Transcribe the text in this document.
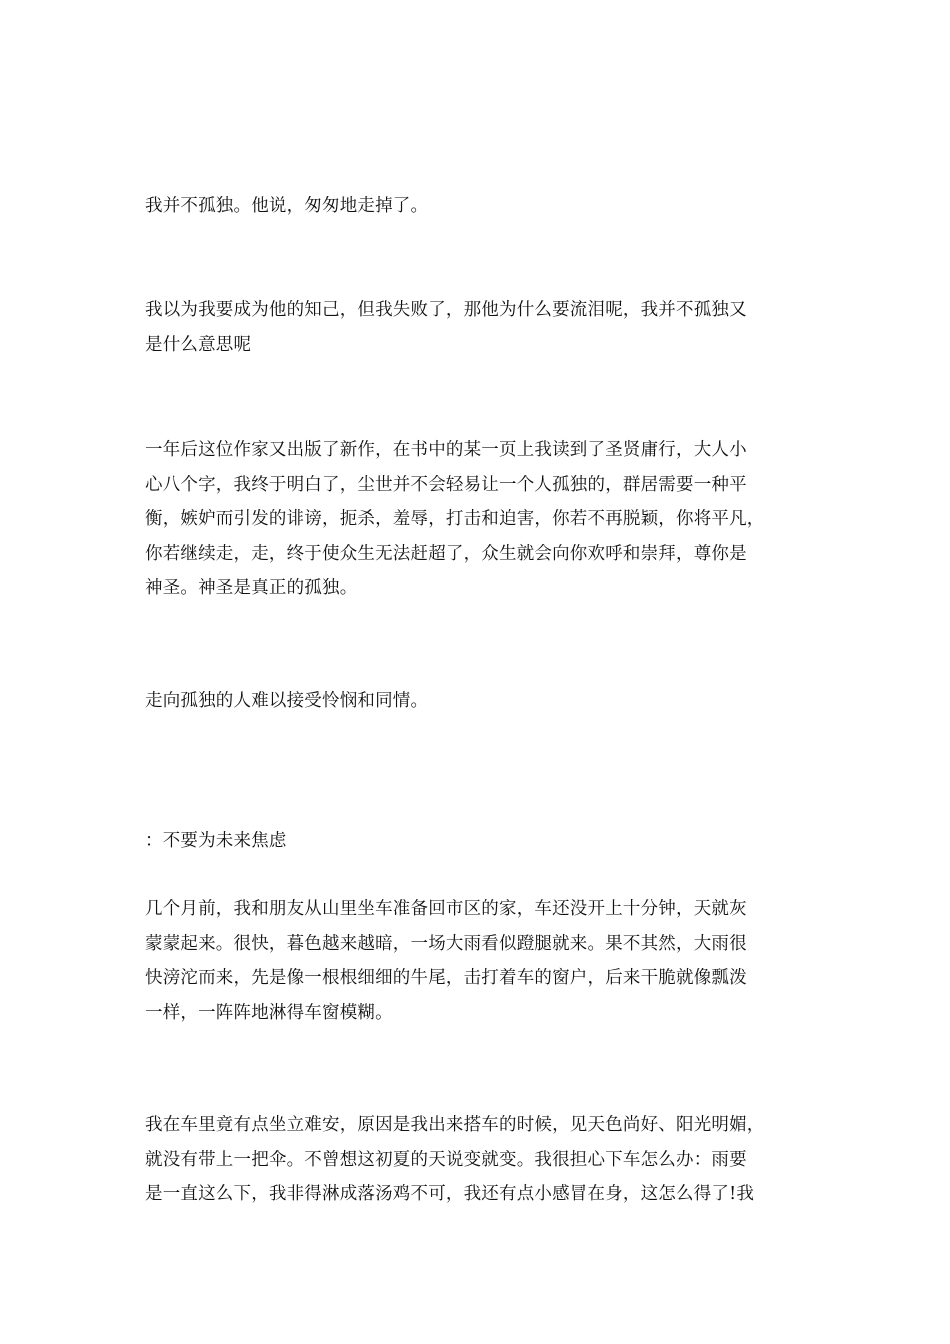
我并不孤独。他说，匆匆地走掉了。

我以为我要成为他的知己，但我失败了，那他为什么要流泪呢，我并不孤独又
是什么意思呢

一年后这位作家又出版了新作，在书中的某一页上我读到了圣贤庸行，大人小
心八个字，我终于明白了，尘世并不会轻易让一个人孤独的，群居需要一种平
衡，嫉妒而引发的诽谤，扼杀，羞辱，打击和迫害，你若不再脱颖，你将平凡，
你若继续走，走，终于使众生无法赶超了，众生就会向你欢呼和崇拜，尊你是
神圣。神圣是真正的孤独。

走向孤独的人难以接受怜悯和同情。

：不要为未来焦虑

几个月前，我和朋友从山里坐车准备回市区的家，车还没开上十分钟，天就灰
蒙蒙起来。很快，暮色越来越暗，一场大雨看似蹬腿就来。果不其然，大雨很
快滂沱而来，先是像一根根细细的牛尾，击打着车的窗户，后来干脆就像瓢泼
一样，一阵阵地淋得车窗模糊。

我在车里竟有点坐立难安，原因是我出来搭车的时候，见天色尚好、阳光明媚，
就没有带上一把伞。不曾想这初夏的天说变就变。我很担心下车怎么办：雨要
是一直这么下，我非得淋成落汤鸡不可，我还有点小感冒在身，这怎么得了!我
